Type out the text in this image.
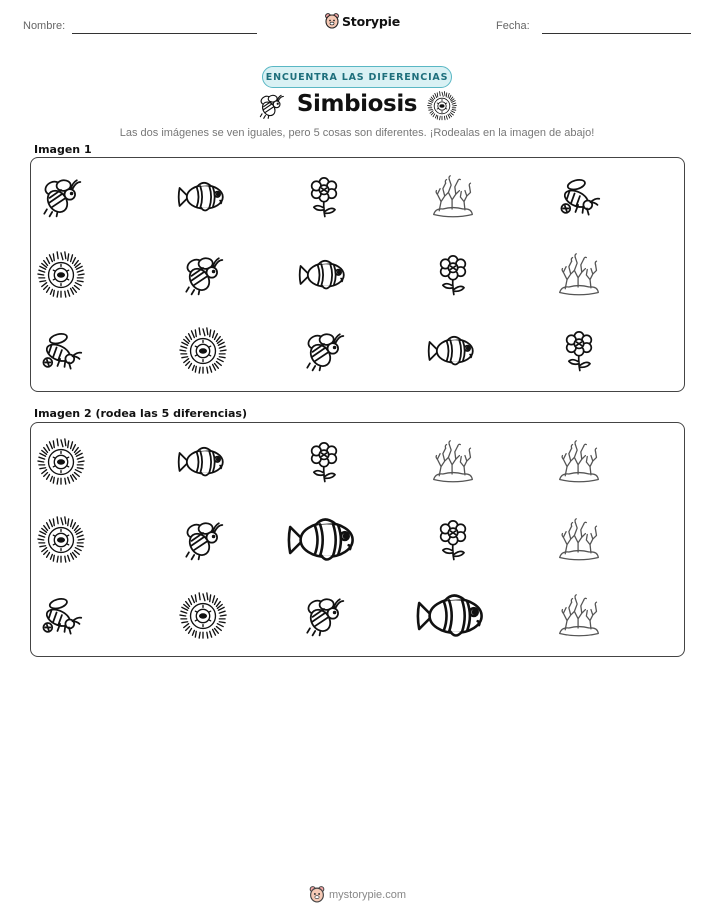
Nombre:	Storypie	Fecha:
ENCUENTRA LAS DIFERENCIAS
Simbiosis
Las dos imágenes se ven iguales, pero 5 cosas son diferentes. ¡Rodealas en la imagen de abajo!
Imagen 1
Imagen 2 (rodea las 5 diferencias)
mystorypie.com
